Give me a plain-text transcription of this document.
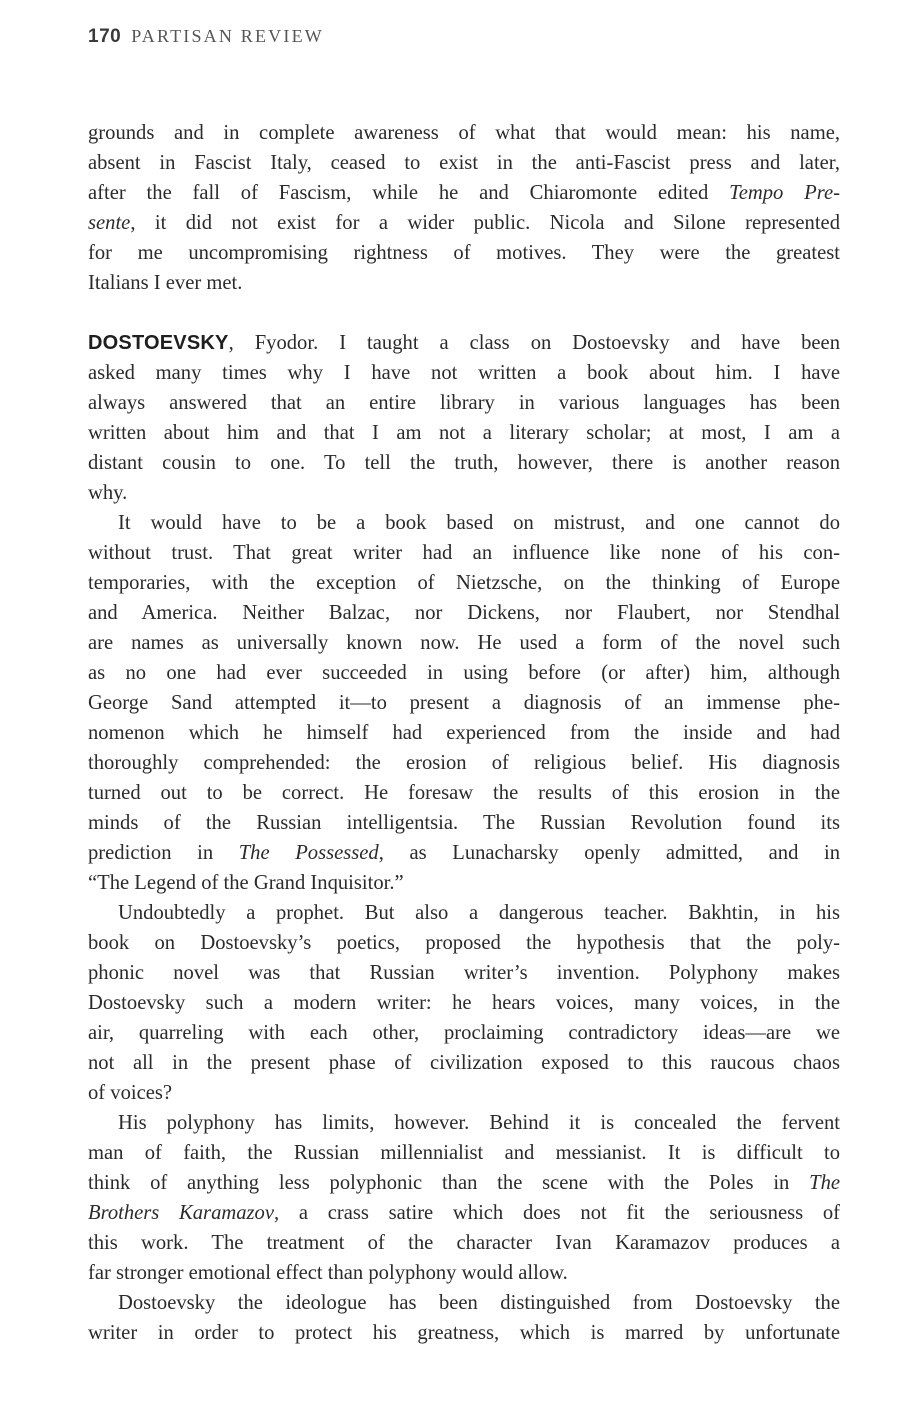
170 PARTISAN REVIEW
grounds and in complete awareness of what that would mean: his name,
absent in Fascist Italy, ceased to exist in the anti-Fascist press and later,
after the fall of Fascism, while he and Chiaromonte edited Tempo Pre-
sente, it did not exist for a wider public. Nicola and Silone represented
for me uncompromising rightness of motives. They were the greatest
Italians I ever met.
DOSTOEVSKY, Fyodor. I taught a class on Dostoevsky and have been
asked many times why I have not written a book about him. I have
always answered that an entire library in various languages has been
written about him and that I am not a literary scholar; at most, I am a
distant cousin to one. To tell the truth, however, there is another reason
why.
It would have to be a book based on mistrust, and one cannot do
without trust. That great writer had an influence like none of his con-
temporaries, with the exception of Nietzsche, on the thinking of Europe
and America. Neither Balzac, nor Dickens, nor Flaubert, nor Stendhal
are names as universally known now. He used a form of the novel such
as no one had ever succeeded in using before (or after) him, although
George Sand attempted it—to present a diagnosis of an immense phe-
nomenon which he himself had experienced from the inside and had
thoroughly comprehended: the erosion of religious belief. His diagnosis
turned out to be correct. He foresaw the results of this erosion in the
minds of the Russian intelligentsia. The Russian Revolution found its
prediction in The Possessed, as Lunacharsky openly admitted, and in
“The Legend of the Grand Inquisitor.”
Undoubtedly a prophet. But also a dangerous teacher. Bakhtin, in his
book on Dostoevsky’s poetics, proposed the hypothesis that the poly-
phonic novel was that Russian writer’s invention. Polyphony makes
Dostoevsky such a modern writer: he hears voices, many voices, in the
air, quarreling with each other, proclaiming contradictory ideas—are we
not all in the present phase of civilization exposed to this raucous chaos
of voices?
His polyphony has limits, however. Behind it is concealed the fervent
man of faith, the Russian millennialist and messianist. It is difficult to
think of anything less polyphonic than the scene with the Poles in The
Brothers Karamazov, a crass satire which does not fit the seriousness of
this work. The treatment of the character Ivan Karamazov produces a
far stronger emotional effect than polyphony would allow.
Dostoevsky the ideologue has been distinguished from Dostoevsky the
writer in order to protect his greatness, which is marred by unfortunate
